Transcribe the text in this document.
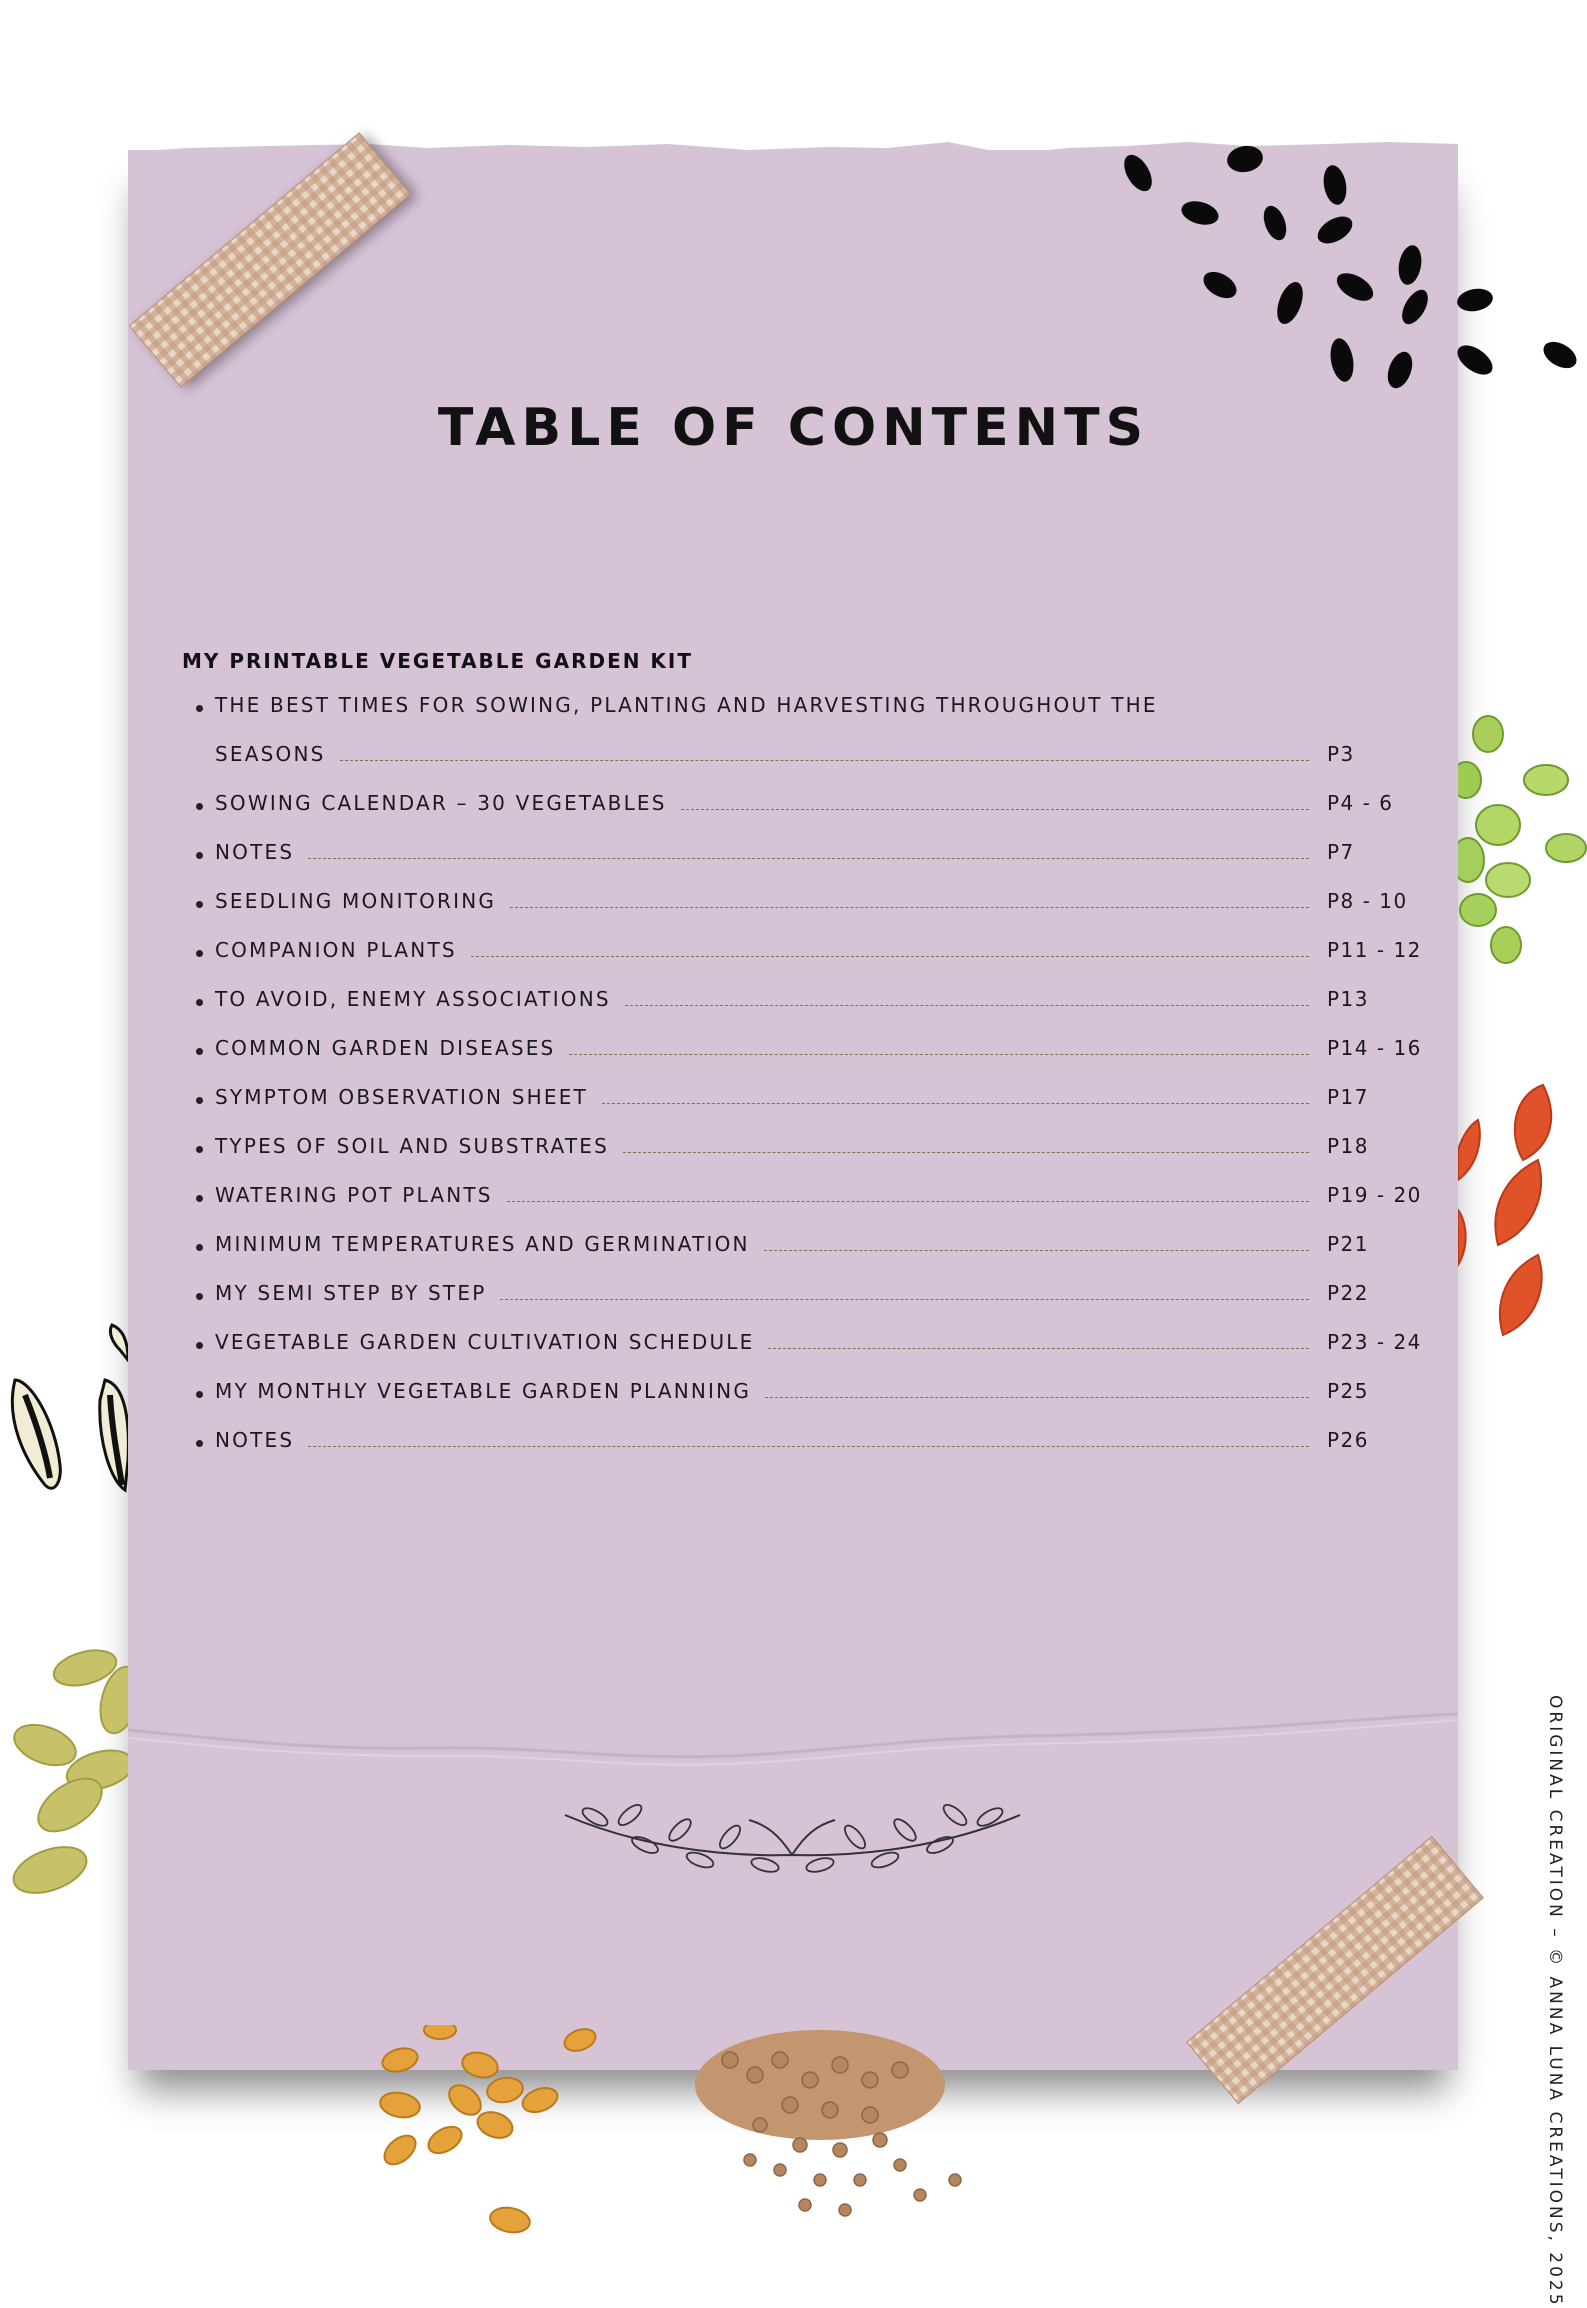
TABLE OF CONTENTS
MY PRINTABLE VEGETABLE GARDEN KIT
THE BEST TIMES FOR SOWING, PLANTING AND HARVESTING THROUGHOUT THE
SEASONS	P3
SOWING CALENDAR – 30 VEGETABLES	P4 - 6
NOTES	P7
SEEDLING MONITORING	P8 - 10
COMPANION PLANTS	P11 - 12
TO AVOID, ENEMY ASSOCIATIONS	P13
COMMON GARDEN DISEASES	P14 - 16
SYMPTOM OBSERVATION SHEET	P17
TYPES OF SOIL AND SUBSTRATES	P18
WATERING POT PLANTS	P19 - 20
MINIMUM TEMPERATURES AND GERMINATION	P21
MY SEMI STEP BY STEP	P22
VEGETABLE GARDEN CULTIVATION SCHEDULE	P23 - 24
MY MONTHLY VEGETABLE GARDEN PLANNING	P25
NOTES	P26
ORIGINAL CREATION – © ANNA LUNA CREATIONS, 2025
